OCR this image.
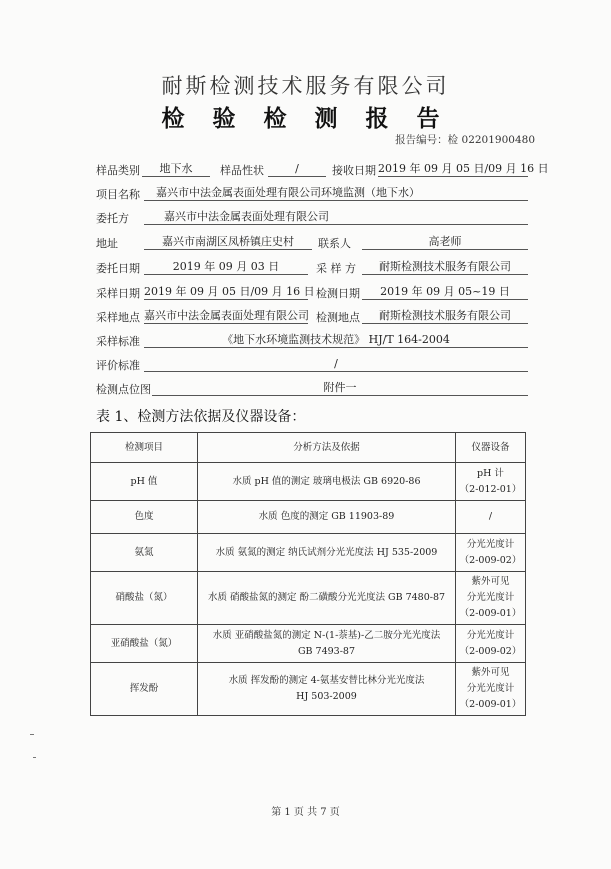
耐斯检测技术服务有限公司
检 验 检 测 报 告
报告编号：检 02201900480
样品类别	地下水	样品性状	/	接收日期 2019 年 09 月 05 日/09 月 16 日
项目名称	嘉兴市中法金属表面处理有限公司环境监测（地下水）
委托方	嘉兴市中法金属表面处理有限公司
地址	嘉兴市南湖区凤桥镇庄史村	联系人	高老师
委托日期	2019 年 09 月 03 日	采 样 方	耐斯检测技术服务有限公司
采样日期 2019 年 09 月 05 日/09 月 16 日 检测日期	2019 年 09 月 05~19 日
采样地点 嘉兴市中法金属表面处理有限公司 检测地点	耐斯检测技术服务有限公司
采样标准	《地下水环境监测技术规范》 HJ/T 164-2004
评价标准	/
检测点位图	附件一
表 1、检测方法依据及仪器设备：
检测项目	分析方法及依据	仪器设备
pH 值	水质 pH 值的测定 玻璃电极法 GB 6920-86	pH 计
（2-012-01）
色度	水质 色度的测定 GB 11903-89	/
氨氮	水质 氨氮的测定 纳氏试剂分光光度法 HJ 535-2009	分光光度计
（2-009-02）
硝酸盐（氮）	水质 硝酸盐氮的测定 酚二磺酸分光光度法 GB 7480-87	紫外可见
分光光度计
（2-009-01）
亚硝酸盐（氮）	水质 亚硝酸盐氮的测定 N-(1-萘基)-乙二胺分光光度法
GB 7493-87	分光光度计
（2-009-02）
挥发酚	水质 挥发酚的测定 4-氨基安替比林分光光度法
HJ 503-2009	紫外可见
分光光度计
（2-009-01）
第 1 页 共 7 页
